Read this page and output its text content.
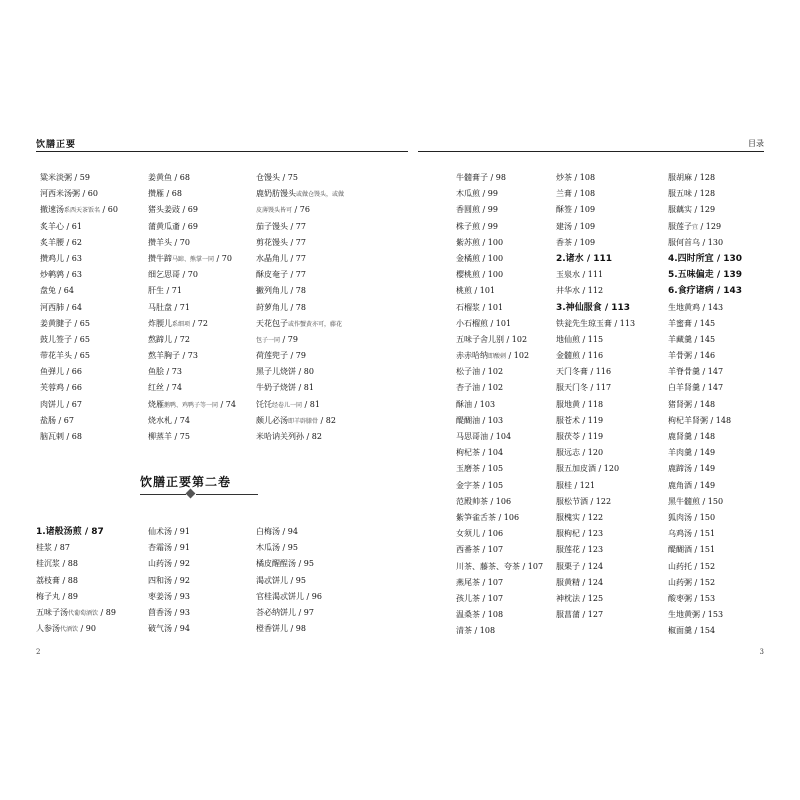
饮膳正要	目录
粱米淡粥 / 59
河西米汤粥 / 60
撤速汤系西天茶饭名 / 60
炙羊心 / 61
炙羊腰 / 62
攒鸡儿 / 63
炒鹌鹑 / 63
盘兔 / 64
河西肺 / 64
姜黄腱子 / 65
鼓儿签子 / 65
带花羊头 / 65
鱼弹儿 / 66
芙蓉鸡 / 66
肉饼儿 / 67
盐肠 / 67
脑瓦剌 / 68
姜黄鱼 / 68
攒雁 / 68
猪头姜豉 / 69
蒲黄瓜齑 / 69
攒羊头 / 70
攒牛蹄马蹄、熊掌一同 / 70
细乞思哥 / 70
肝生 / 71
马肚盘 / 71
炸腝儿系细项 / 72
熬蹄儿 / 72
熬羊胸子 / 73
鱼脍 / 73
红丝 / 74
烧雁鹅鸭、鸡鸭子等一同 / 74
烧水札 / 74
柳蒸羊 / 75
仓馒头 / 75
鹿奶肪馒头或做仓馒头，或做
皮薄馒头皆可 / 76
茄子馒头 / 77
剪花馒头 / 77
水晶角儿 / 77
酥皮奄子 / 77
撇列角儿 / 78
莳萝角儿 / 78
天花包子或作蟹黄亦可，藤花
包子一同 / 79
荷莲兜子 / 79
黑子儿烧饼 / 80
牛奶子烧饼 / 81
饦饦经卷儿一同 / 81
颇儿必汤即羊辟膝骨 / 82
米哈讷关列孙 / 82
牛髓膏子 / 98
木瓜煎 / 99
香圆煎 / 99
株子煎 / 99
紫苏煎 / 100
金橘煎 / 100
樱桃煎 / 100
桃煎 / 101
石榴浆 / 101
小石榴煎 / 101
五味子舍儿别 / 102
赤赤哈纳即酸刺 / 102
松子油 / 102
杏子油 / 102
酥油 / 103
醍醐油 / 103
马思哥油 / 104
枸杞茶 / 104
玉磨茶 / 105
金字茶 / 105
范殿帅茶 / 106
紫笋雀舌茶 / 106
女须儿 / 106
西番茶 / 107
川茶、藤茶、夸茶 / 107
燕尾茶 / 107
孩儿茶 / 107
温桑茶 / 108
清茶 / 108
炒茶 / 108
兰膏 / 108
酥签 / 109
建汤 / 109
香茶 / 109
2.诸水 / 111
玉泉水 / 111
井华水 / 112
3.神仙服食 / 113
铁瓮先生琼玉膏 / 113
地仙煎 / 115
金髓煎 / 116
天门冬膏 / 116
服天门冬 / 117
服地黄 / 118
服苍术 / 119
服茯苓 / 119
服远志 / 120
服五加皮酒 / 120
服桂 / 121
服松节酒 / 122
服槐实 / 122
服枸杞 / 123
服莲花 / 123
服栗子 / 124
服黄精 / 124
神枕法 / 125
服菖蒲 / 127
服胡麻 / 128
服五味 / 128
服藕实 / 129
服莲子宜 / 129
服何首乌 / 130
4.四时所宜 / 130
5.五味偏走 / 139
6.食疗诸病 / 143
生地黄鸡 / 143
羊蜜膏 / 145
羊藏羹 / 145
羊骨粥 / 146
羊脊骨羹 / 147
白羊肾羹 / 147
猪肾粥 / 148
枸杞羊肾粥 / 148
鹿肾羹 / 148
羊肉羹 / 149
鹿蹄汤 / 149
鹿角酒 / 149
黑牛髓煎 / 150
狐肉汤 / 150
乌鸡汤 / 151
醍醐酒 / 151
山药托 / 152
山药粥 / 152
酸枣粥 / 153
生地黄粥 / 153
椒面羹 / 154
饮膳正要第二卷
1.诸般汤煎 / 87
桂浆 / 87
桂沉浆 / 88
荔枝膏 / 88
梅子丸 / 89
五味子汤代葡萄酒饮 / 89
人参汤代酒饮 / 90
仙术汤 / 91
杏霜汤 / 91
山药汤 / 92
四和汤 / 92
枣姜汤 / 93
茴香汤 / 93
破气汤 / 94
白梅汤 / 94
木瓜汤 / 95
橘皮醒酲汤 / 95
渴忒饼儿 / 95
官桂渴忒饼儿 / 96
荅必纳饼儿 / 97
橙香饼儿 / 98
2	3
